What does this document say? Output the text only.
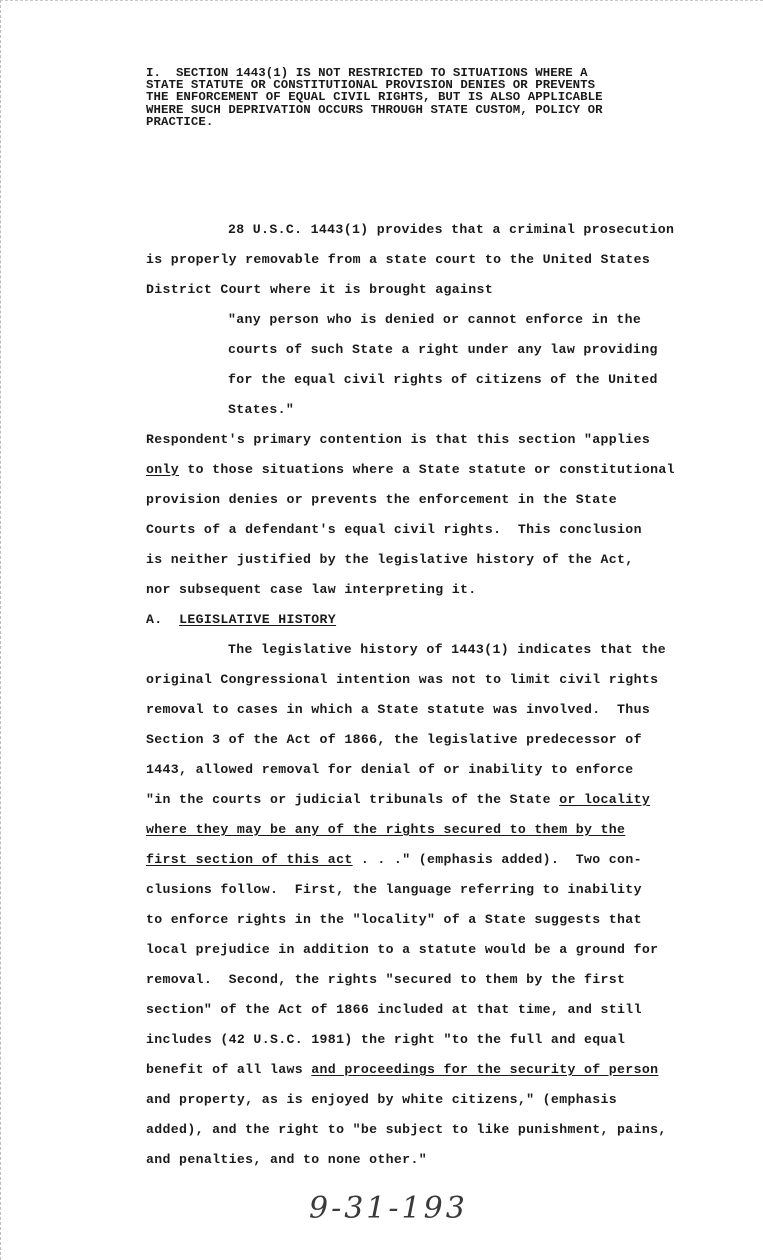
I.  SECTION 1443(1) IS NOT RESTRICTED TO SITUATIONS WHERE A
STATE STATUTE OR CONSTITUTIONAL PROVISION DENIES OR PREVENTS
THE ENFORCEMENT OF EQUAL CIVIL RIGHTS, BUT IS ALSO APPLICABLE
WHERE SUCH DEPRIVATION OCCURS THROUGH STATE CUSTOM, POLICY OR
PRACTICE.
28 U.S.C. 1443(1) provides that a criminal prosecution
is properly removable from a state court to the United States
District Court where it is brought against
"any person who is denied or cannot enforce in the
courts of such State a right under any law providing
for the equal civil rights of citizens of the United
States."
Respondent's primary contention is that this section "applies
only to those situations where a State statute or constitutional
provision denies or prevents the enforcement in the State
Courts of a defendant's equal civil rights.  This conclusion
is neither justified by the legislative history of the Act,
nor subsequent case law interpreting it.
A. LEGISLATIVE HISTORY
The legislative history of 1443(1) indicates that the
original Congressional intention was not to limit civil rights
removal to cases in which a State statute was involved.  Thus
Section 3 of the Act of 1866, the legislative predecessor of
1443, allowed removal for denial of or inability to enforce
"in the courts or judicial tribunals of the State or locality
where they may be any of the rights secured to them by the
first section of this act . . ." (emphasis added).  Two con-
clusions follow.  First, the language referring to inability
to enforce rights in the "locality" of a State suggests that
local prejudice in addition to a statute would be a ground for
removal.  Second, the rights "secured to them by the first
section" of the Act of 1866 included at that time, and still
includes (42 U.S.C. 1981) the right "to the full and equal
benefit of all laws and proceedings for the security of person
and property, as is enjoyed by white citizens," (emphasis
added), and the right to "be subject to like punishment, pains,
and penalties, and to none other."
9-31-193
